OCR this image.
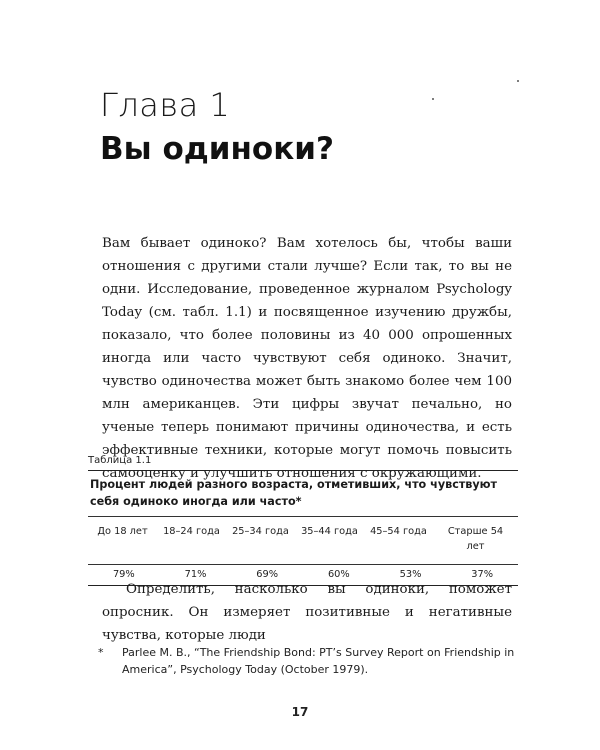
Глава 1
Вы одиноки?

Вам бывает одиноко? Вам хотелось бы, чтобы ваши отношения с другими стали лучше? Если так, то вы не одни. Исследование, проведенное журналом Psychology Today (см. табл. 1.1) и посвященное изучению дружбы, показало, что более половины из 40 000 опрошенных иногда или часто чувствуют себя одиноко. Значит, чувство одиночества может быть знакомо более чем 100 млн американцев. Эти цифры звучат печально, но ученые теперь понимают причины одиночества, и есть эффективные техники, которые могут помочь повысить самооценку и улучшить отношения с окружающими.

Таблица 1.1
Процент людей разного возраста, отметивших, что чувствуют себя одиноко иногда или часто*
До 18 лет	18–24 года	25–34 года	35–44 года	45–54 года	Старше 54 лет
79%	71%	69%	60%	53%	37%

Определить, насколько вы одиноки, поможет опросник. Он измеряет позитивные и негативные чувства, которые люди

* Parlee M. B., “The Friendship Bond: PT’s Survey Report on Friendship in America”, Psychology Today (October 1979).
17
